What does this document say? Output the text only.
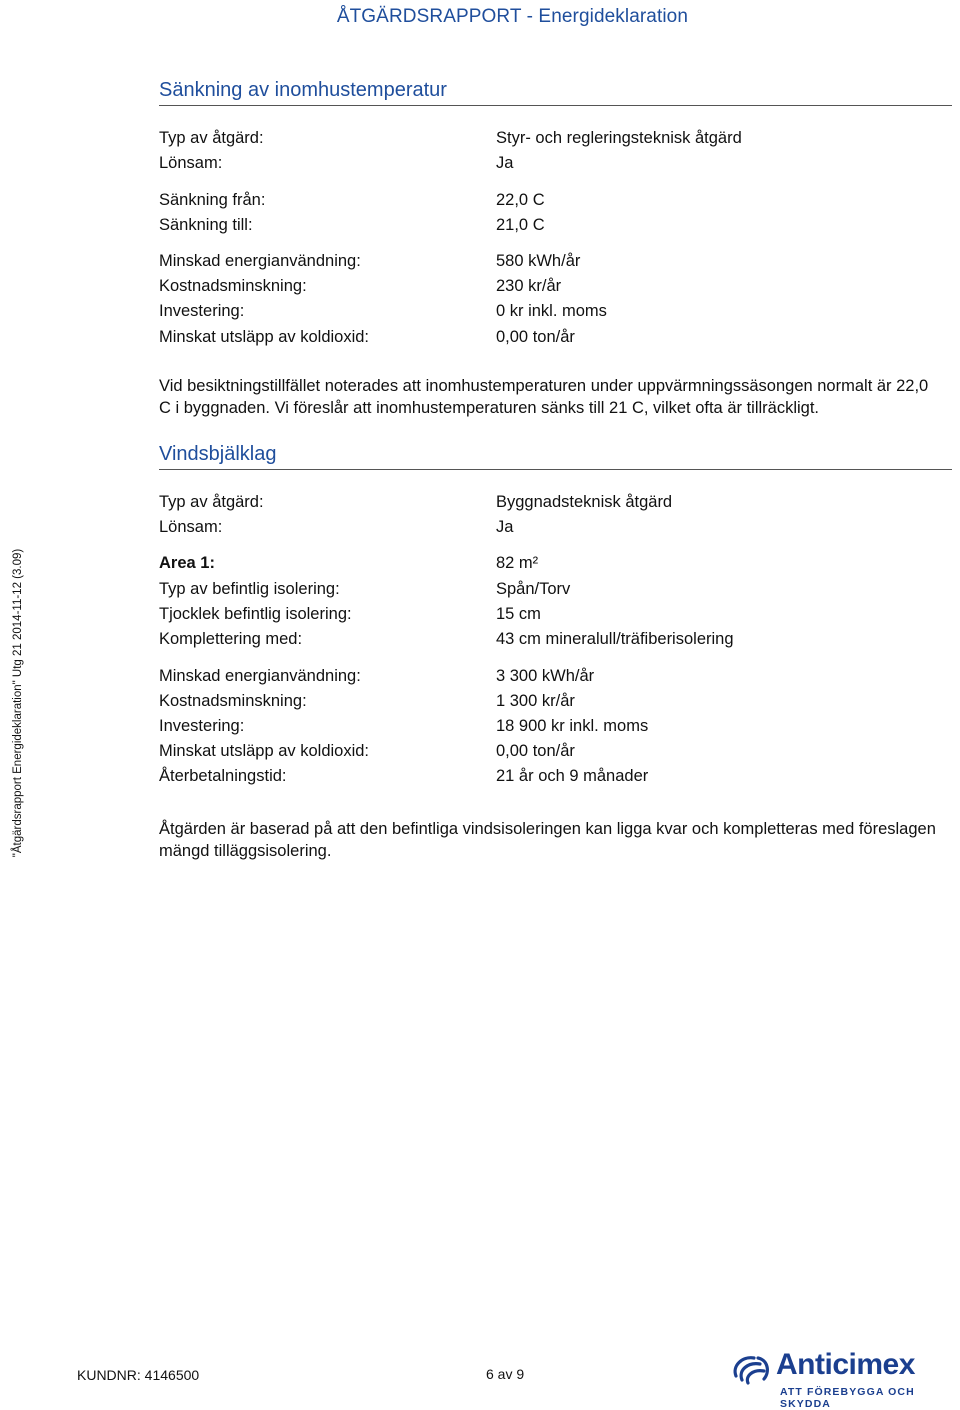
ÅTGÄRDSRAPPORT - Energideklaration
Sänkning av inomhustemperatur
Typ av åtgärd:	Styr- och regleringsteknisk åtgärd
Lönsam:	Ja
Sänkning från:	22,0 C
Sänkning till:	21,0 C
Minskad energianvändning:	580 kWh/år
Kostnadsminskning:	230 kr/år
Investering:	0 kr inkl. moms
Minskat utsläpp av koldioxid:	0,00 ton/år
Vid besiktningstillfället noterades att inomhustemperaturen under uppvärmningssäsongen normalt är 22,0 C i byggnaden. Vi föreslår att inomhustemperaturen sänks till 21 C, vilket ofta är tillräckligt.
Vindsbjälklag
Typ av åtgärd:	Byggnadsteknisk åtgärd
Lönsam:	Ja
Area 1:	82 m²
Typ av befintlig isolering:	Spån/Torv
Tjocklek befintlig isolering:	15 cm
Komplettering med:	43 cm mineralull/träfiberisolering
Minskad energianvändning:	3 300 kWh/år
Kostnadsminskning:	1 300 kr/år
Investering:	18 900 kr inkl. moms
Minskat utsläpp av koldioxid:	0,00 ton/år
Återbetalningstid:	21 år och 9 månader
Åtgärden är baserad på att den befintliga vindsisoleringen kan ligga kvar och kompletteras med föreslagen mängd tilläggsisolering.
"Åtgärdsrapport Energideklaration" Utg 21 2014-11-12 (3.09)
KUNDNR: 4146500	6 av 9	Anticimex
ATT FÖREBYGGA OCH SKYDDA
